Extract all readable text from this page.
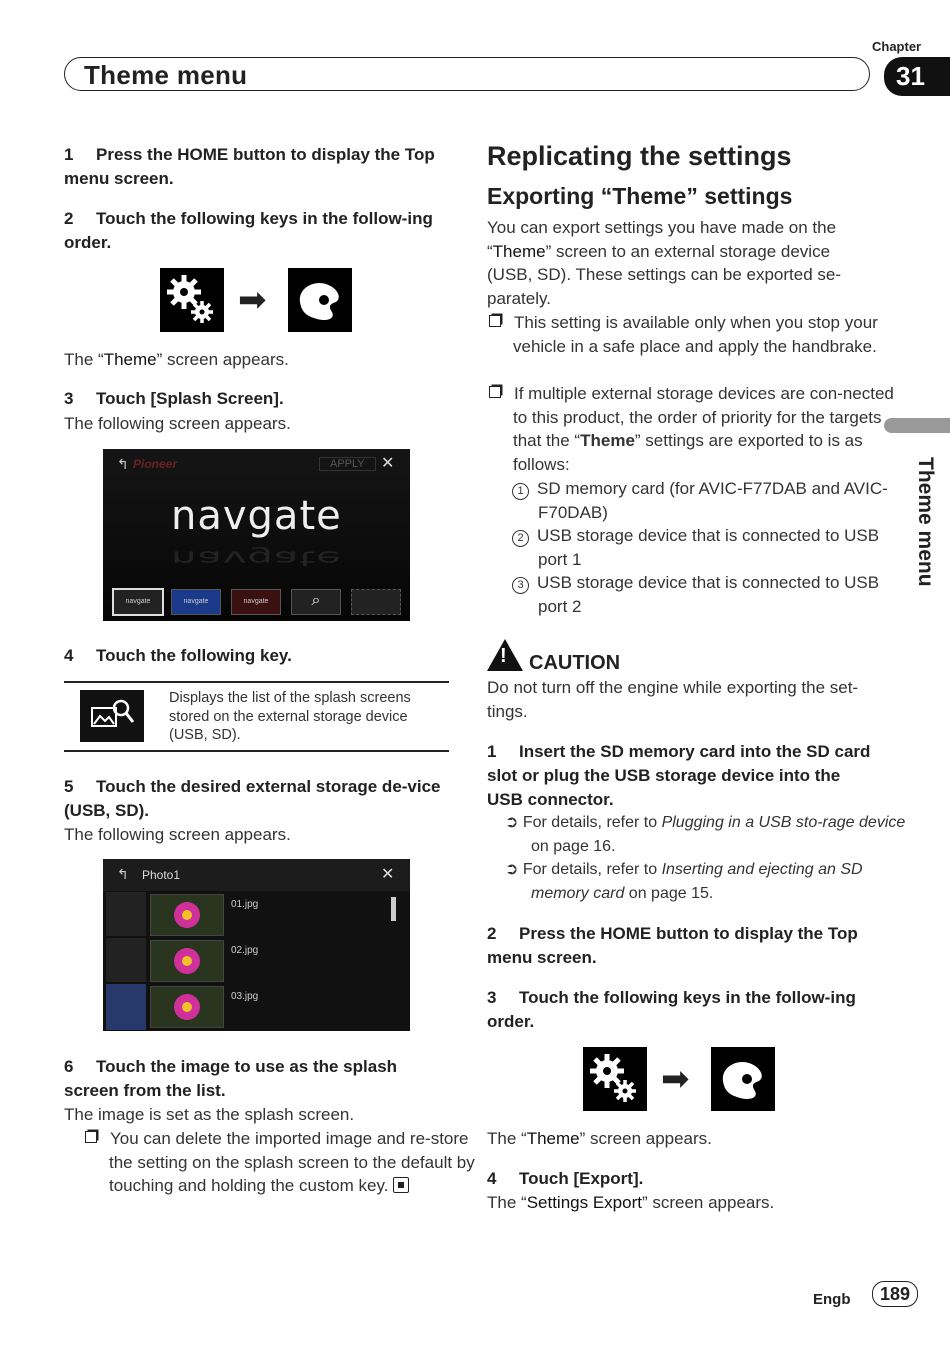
Chapter
Theme menu	31
Theme menu
1 Press the HOME button to display the Top menu screen.
2 Touch the following keys in the follow-ing order.
➡
The “Theme” screen appears.
3 Touch [Splash Screen].
The following screen appears.
↰ Pioneer	APPLY	✕
navgate
navgate
navgate	navgate	navgate	⌕
4 Touch the following key.
Displays the list of the splash screens stored on the external storage device (USB, SD).
5 Touch the desired external storage de-vice (USB, SD).
The following screen appears.
↰ Photo1	✕
01.jpg
02.jpg
03.jpg
6 Touch the image to use as the splash screen from the list.
The image is set as the splash screen.
You can delete the imported image and re-store the setting on the splash screen to the default by touching and holding the custom key.
Replicating the settings
Exporting “Theme” settings
You can export settings you have made on the “Theme” screen to an external storage device (USB, SD). These settings can be exported se-parately.
This setting is available only when you stop your vehicle in a safe place and apply the handbrake.
If multiple external storage devices are con-nected to this product, the order of priority for the targets that the “Theme” settings are exported to is as follows:
1 SD memory card (for AVIC-F77DAB and AVIC-F70DAB)
2 USB storage device that is connected to USB port 1
3 USB storage device that is connected to USB port 2
! CAUTION
Do not turn off the engine while exporting the set-tings.
1 Insert the SD memory card into the SD card slot or plug the USB storage device into the USB connector.
➲ For details, refer to Plugging in a USB sto-rage device on page 16.
➲ For details, refer to Inserting and ejecting an SD memory card on page 15.
2 Press the HOME button to display the Top menu screen.
3 Touch the following keys in the follow-ing order.
➡
The “Theme” screen appears.
4 Touch [Export].
The “Settings Export” screen appears.
Engb	189
